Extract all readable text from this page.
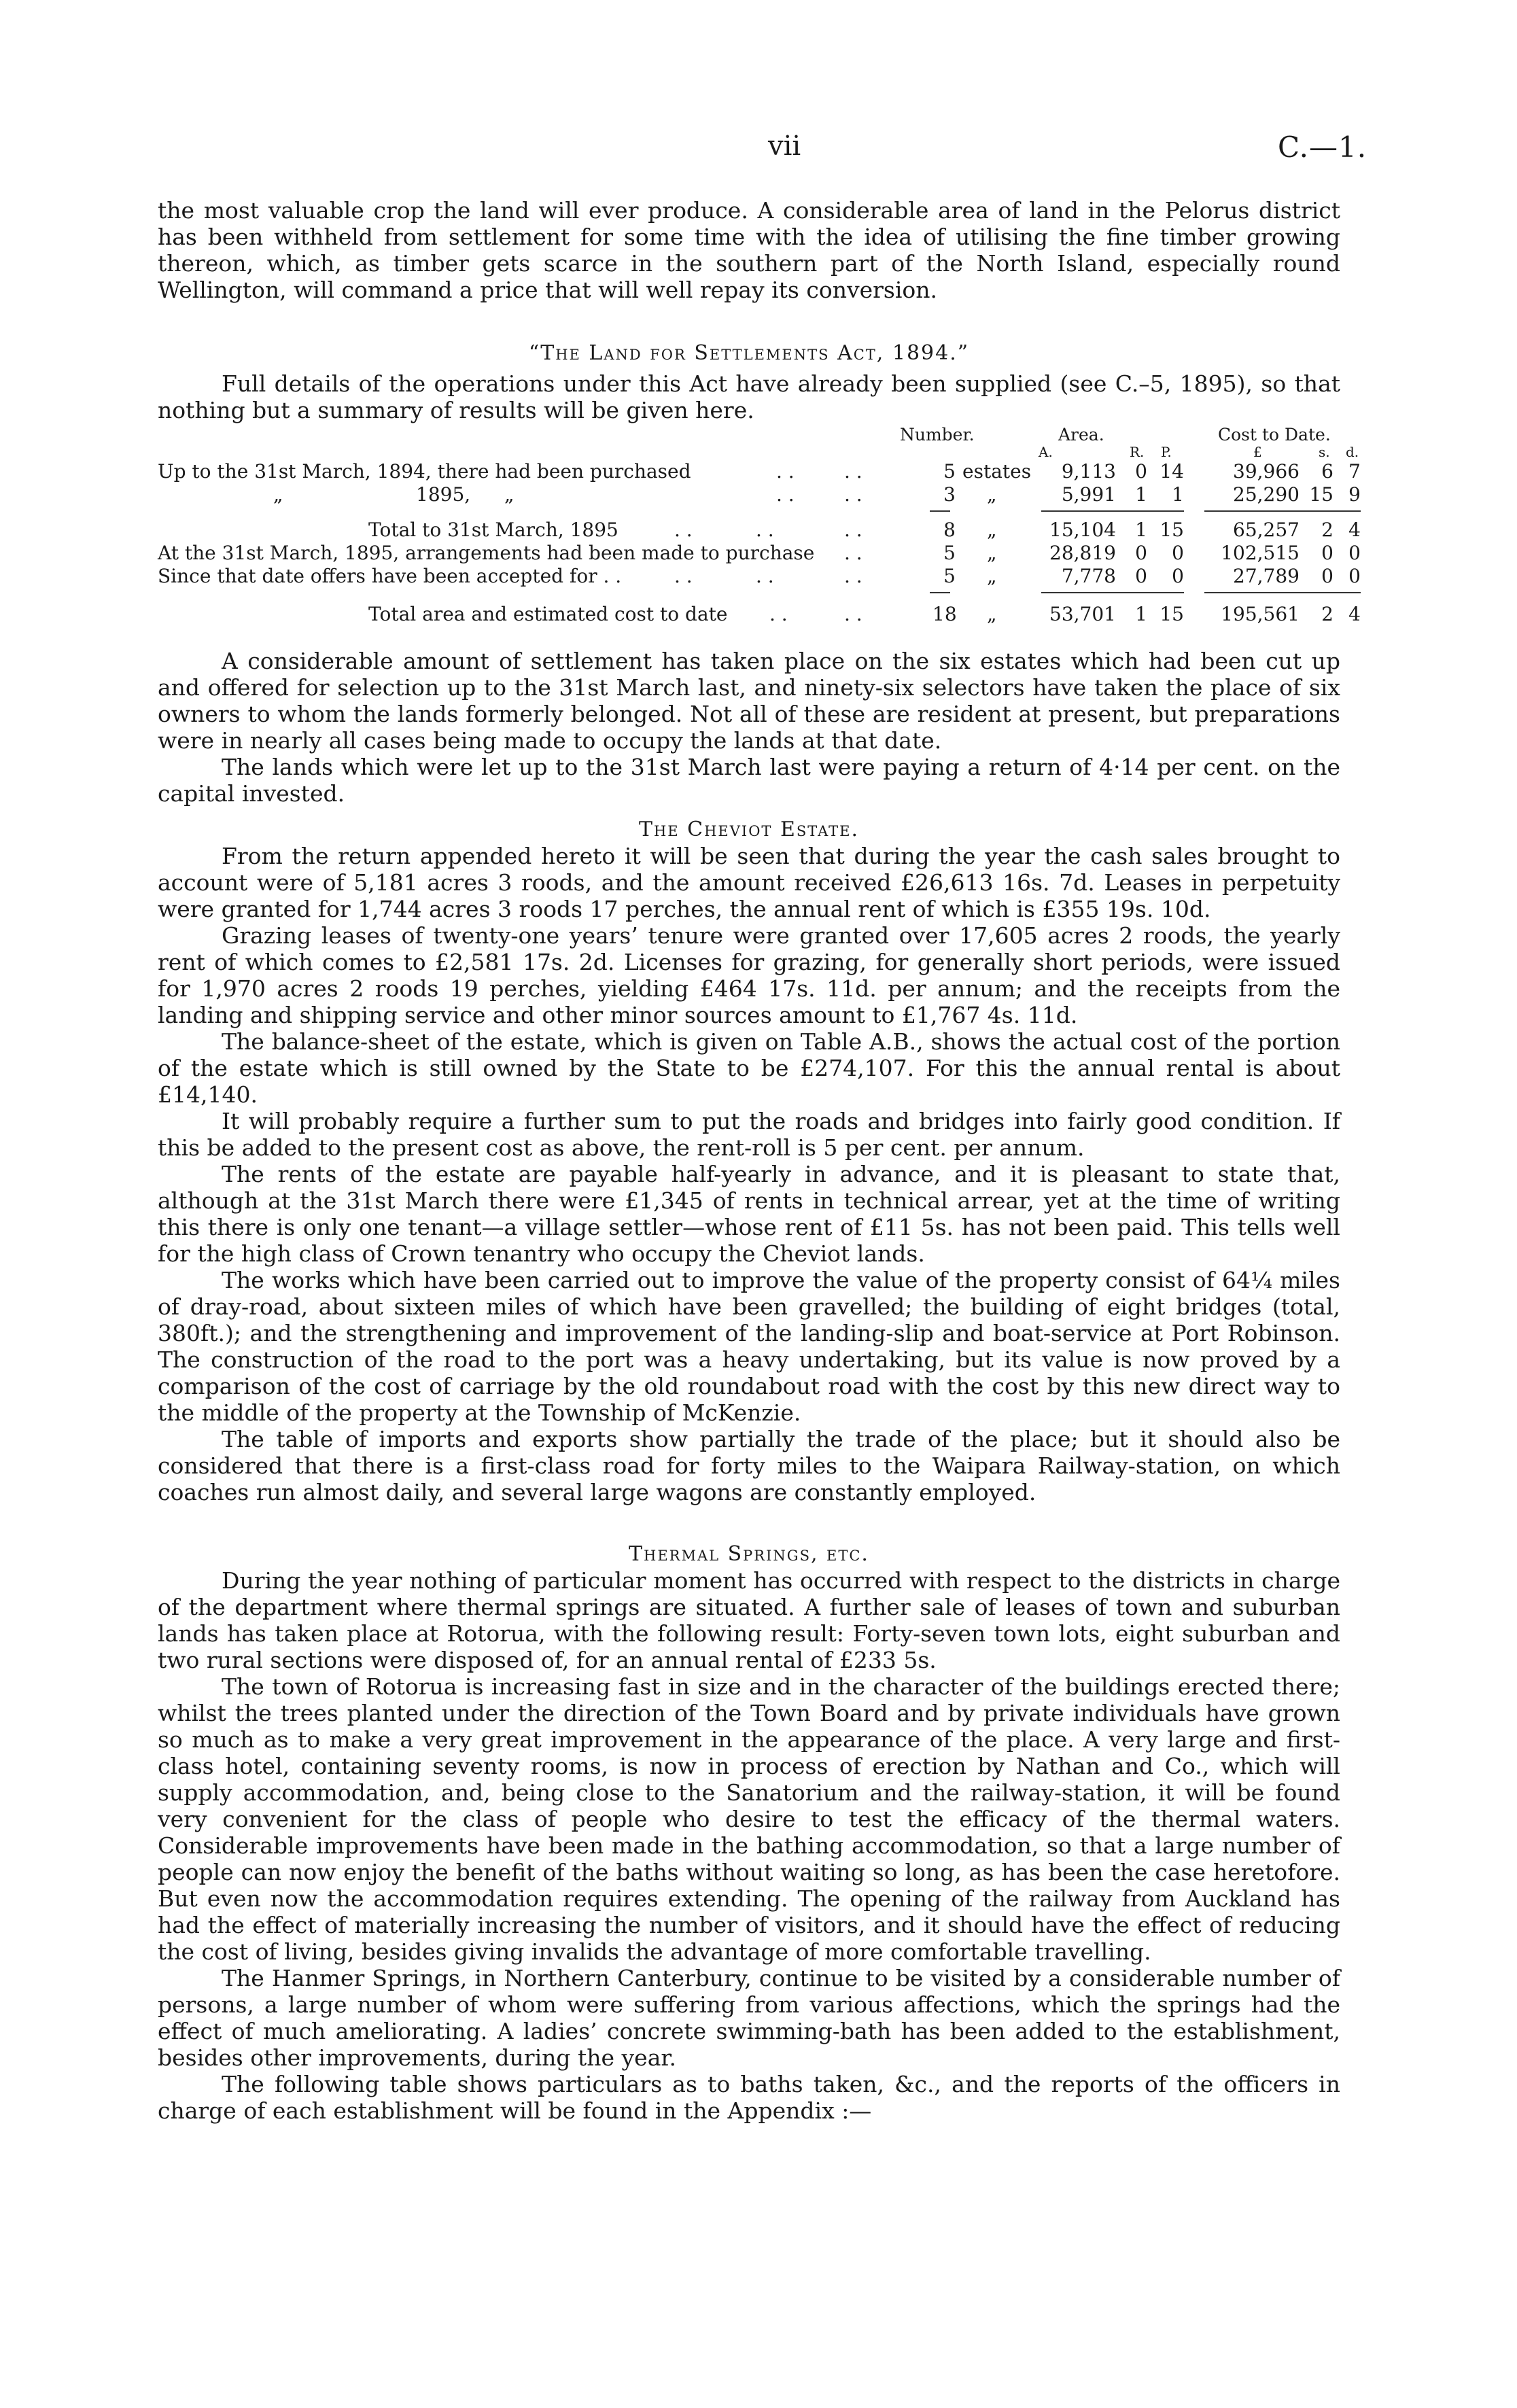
vii	C.—1.

the most valuable crop the land will ever produce. A considerable area of land in the Pelorus district has been withheld from settlement for some time with the idea of utilising the fine timber growing thereon, which, as timber gets scarce in the southern part of the North Island, especially round Wellington, will command a price that will well repay its conversion.

“The Land for Settlements Act, 1894.”

Full details of the operations under this Act have already been supplied (see C.–5, 1895), so that nothing but a summary of results will be given here.

Number.	Area.	Cost to Date.
A.	R. P.	£	s. d.
Up to the 31st March, 1894, there had been purchased	. .	. .	5 estates	9,113	0 14	39,966	6 7
„	1895, „	. .	. .	3 „	5,991	1	1	25,290 15 9
Total to 31st March, 1895	. .	. .	. .	8 „	15,104	1 15	65,257	2 4
At the 31st March, 1895, arrangements had been made to purchase . .	5 „	28,819	0	0	102,515	0 0
Since that date offers have been accepted for . .	. .	. .	. .	5 „	7,778	0	0	27,789	0 0
Total area and estimated cost to date . .	. .	18 „	53,701	1 15	195,561	2 4

A considerable amount of settlement has taken place on the six estates which had been cut up and offered for selection up to the 31st March last, and ninety-six selectors have taken the place of six owners to whom the lands formerly belonged. Not all of these are resident at present, but preparations were in nearly all cases being made to occupy the lands at that date.

The lands which were let up to the 31st March last were paying a return of 4·14 per cent. on the capital invested.

The Cheviot Estate.

From the return appended hereto it will be seen that during the year the cash sales brought to account were of 5,181 acres 3 roods, and the amount received £26,613 16s. 7d. Leases in perpetuity were granted for 1,744 acres 3 roods 17 perches, the annual rent of which is £355 19s. 10d.

Grazing leases of twenty-one years’ tenure were granted over 17,605 acres 2 roods, the yearly rent of which comes to £2,581 17s. 2d. Licenses for grazing, for generally short periods, were issued for 1,970 acres 2 roods 19 perches, yielding £464 17s. 11d. per annum; and the receipts from the landing and shipping service and other minor sources amount to £1,767 4s. 11d.

The balance-sheet of the estate, which is given on Table A.B., shows the actual cost of the portion of the estate which is still owned by the State to be £274,107. For this the annual rental is about £14,140.

It will probably require a further sum to put the roads and bridges into fairly good condition. If this be added to the present cost as above, the rent-roll is 5 per cent. per annum.

The rents of the estate are payable half-yearly in advance, and it is pleasant to state that, although at the 31st March there were £1,345 of rents in technical arrear, yet at the time of writing this there is only one tenant—a village settler—whose rent of £11 5s. has not been paid. This tells well for the high class of Crown tenantry who occupy the Cheviot lands.

The works which have been carried out to improve the value of the property consist of 64¼ miles of dray-road, about sixteen miles of which have been gravelled; the building of eight bridges (total, 380ft.); and the strengthening and improvement of the landing-slip and boat-service at Port Robinson. The construction of the road to the port was a heavy undertaking, but its value is now proved by a comparison of the cost of carriage by the old roundabout road with the cost by this new direct way to the middle of the property at the Township of McKenzie.

The table of imports and exports show partially the trade of the place; but it should also be considered that there is a first-class road for forty miles to the Waipara Railway-station, on which coaches run almost daily, and several large wagons are constantly employed.

Thermal Springs, etc.

During the year nothing of particular moment has occurred with respect to the districts in charge of the department where thermal springs are situated. A further sale of leases of town and suburban lands has taken place at Rotorua, with the following result: Forty-seven town lots, eight suburban and two rural sections were disposed of, for an annual rental of £233 5s.

The town of Rotorua is increasing fast in size and in the character of the buildings erected there; whilst the trees planted under the direction of the Town Board and by private individuals have grown so much as to make a very great improvement in the appearance of the place. A very large and first-class hotel, containing seventy rooms, is now in process of erection by Nathan and Co., which will supply accommodation, and, being close to the Sanatorium and the railway-station, it will be found very convenient for the class of people who desire to test the efficacy of the thermal waters. Considerable improvements have been made in the bathing accommodation, so that a large number of people can now enjoy the benefit of the baths without waiting so long, as has been the case heretofore. But even now the accommodation requires extending. The opening of the railway from Auckland has had the effect of materially increasing the number of visitors, and it should have the effect of reducing the cost of living, besides giving invalids the advantage of more comfortable travelling.

The Hanmer Springs, in Northern Canterbury, continue to be visited by a considerable number of persons, a large number of whom were suffering from various affections, which the springs had the effect of much ameliorating. A ladies’ concrete swimming-bath has been added to the establishment, besides other improvements, during the year.

The following table shows particulars as to baths taken, &c., and the reports of the officers in charge of each establishment will be found in the Appendix :—
